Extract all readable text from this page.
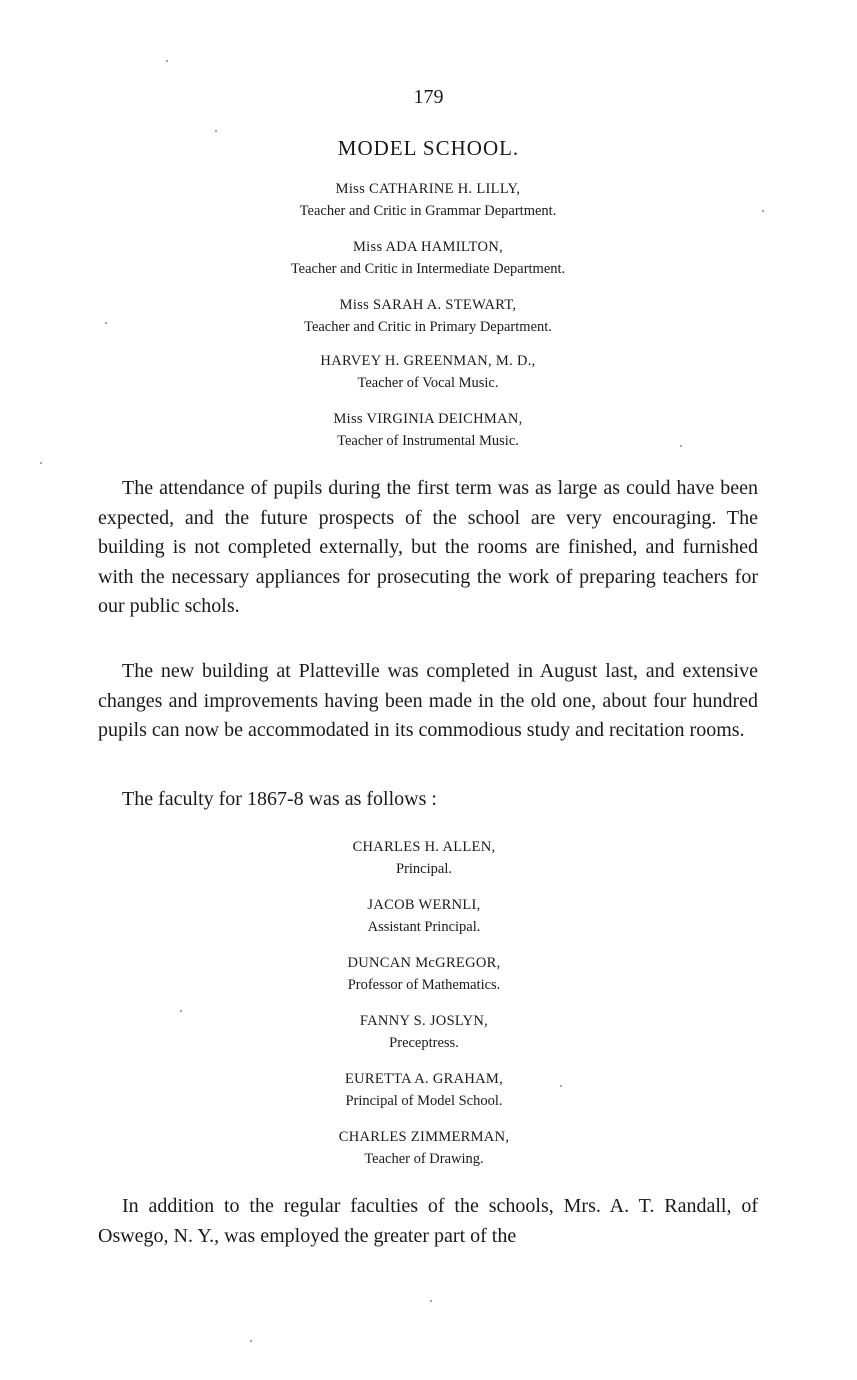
179
MODEL SCHOOL.
Miss CATHARINE H. LILLY,
Teacher and Critic in Grammar Department.
Miss ADA HAMILTON,
Teacher and Critic in Intermediate Department.
Miss SARAH A. STEWART,
Teacher and Critic in Primary Department.
HARVEY H. GREENMAN, M. D.,
Teacher of Vocal Music.
Miss VIRGINIA DEICHMAN,
Teacher of Instrumental Music.

The attendance of pupils during the first term was as large as could have been expected, and the future prospects of the school are very encouraging. The building is not completed externally, but the rooms are finished, and furnished with the necessary appliances for prosecuting the work of preparing teachers for our public schols.

The new building at Platteville was completed in August last, and extensive changes and improvements having been made in the old one, about four hundred pupils can now be accommodated in its commodious study and recitation rooms.

The faculty for 1867-8 was as follows :

CHARLES H. ALLEN,
Principal.
JACOB WERNLI,
Assistant Principal.
DUNCAN McGREGOR,
Professor of Mathematics.
FANNY S. JOSLYN,
Preceptress.
EURETTA A. GRAHAM,
Principal of Model School.
CHARLES ZIMMERMAN,
Teacher of Drawing.

In addition to the regular faculties of the schools, Mrs. A. T. Randall, of Oswego, N. Y., was employed the greater part of the
